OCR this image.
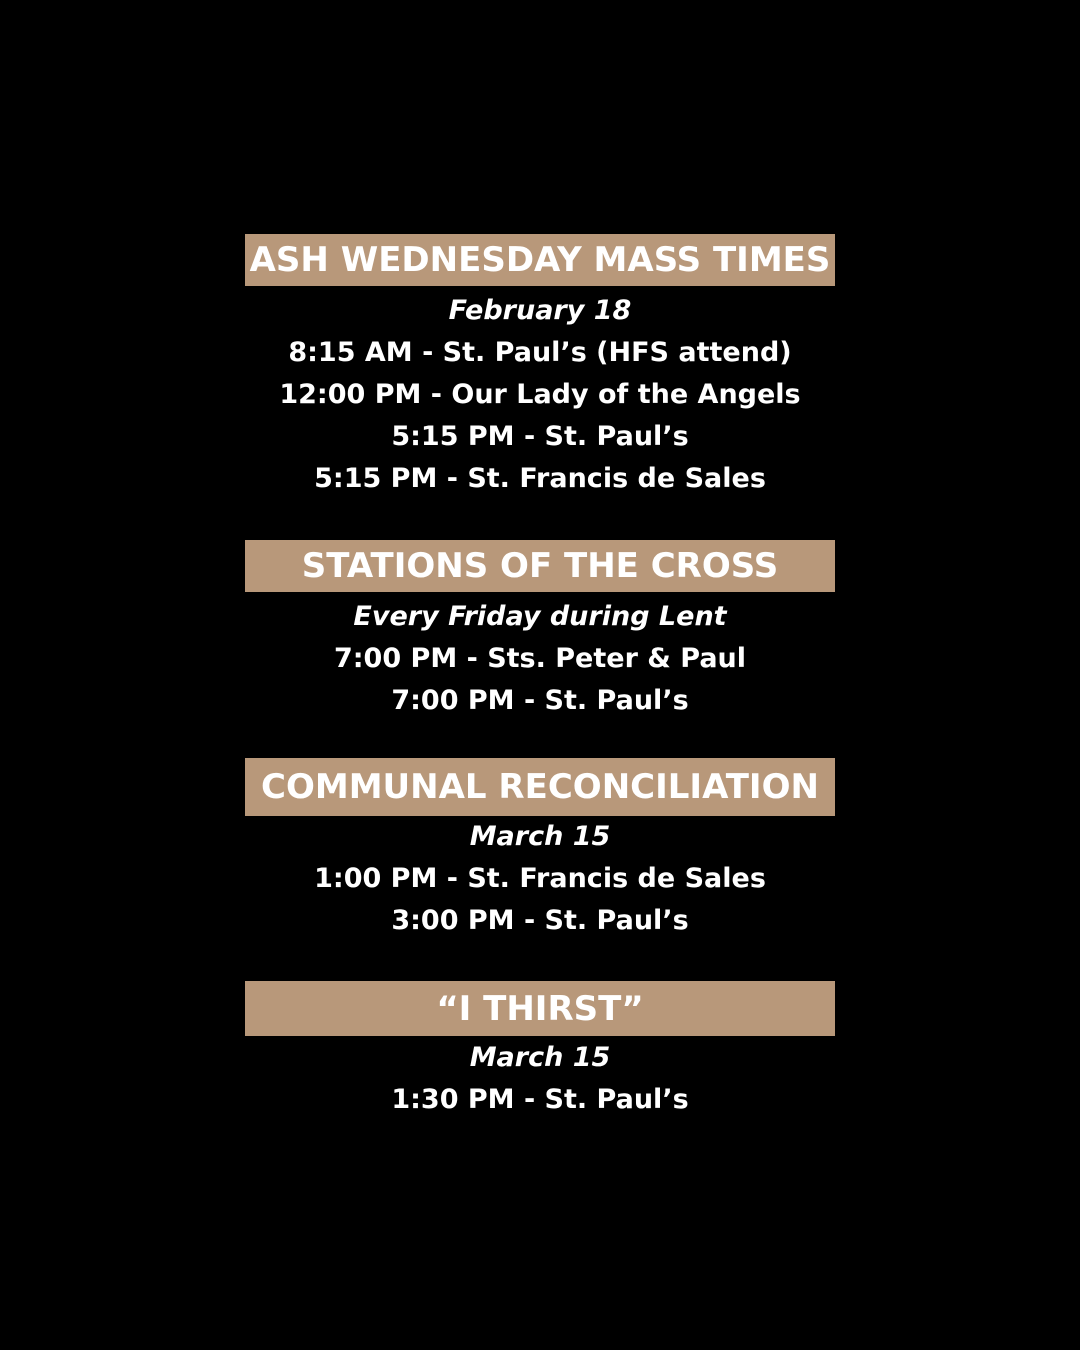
ASH WEDNESDAY MASS TIMES
February 18
8:15 AM - St. Paul’s (HFS attend)
12:00 PM - Our Lady of the Angels
5:15 PM - St. Paul’s
5:15 PM - St. Francis de Sales
STATIONS OF THE CROSS
Every Friday during Lent
7:00 PM - Sts. Peter & Paul
7:00 PM - St. Paul’s
COMMUNAL RECONCILIATION
March 15
1:00 PM - St. Francis de Sales
3:00 PM - St. Paul’s
“I THIRST”
March 15
1:30 PM - St. Paul’s
